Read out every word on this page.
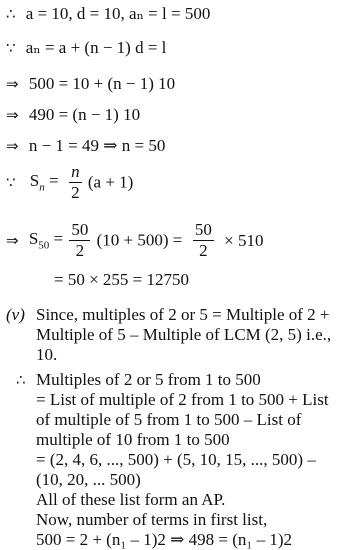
∴ a = 10, d = 10, aₙ = l = 500
∵ aₙ = a + (n − 1) d = l
⇒ 500 = 10 + (n − 1) 10
⇒ 490 = (n − 1) 10
⇒ n − 1 = 49 ⇒ n = 50
∵ $S_n = \frac{n}{2} (a + 1)$
⇒ $S_{50} = \frac{50}{2} (10 + 500) = \frac{50}{2} \times 510$
= 50 × 255 = 12750
(v) Since, multiples of 2 or 5 = Multiple of 2 +
Multiple of 5 – Multiple of LCM (2, 5) i.e.,
10.
∴ Multiples of 2 or 5 from 1 to 500
= List of multiple of 2 from 1 to 500 + List
of multiple of 5 from 1 to 500 – List of
multiple of 10 from 1 to 500
= (2, 4, 6, ..., 500) + (5, 10, 15, ..., 500) –
(10, 20, ... 500)
All of these list form an AP.
Now, number of terms in first list,
500 = 2 + (n₁ – 1)2 ⇒ 498 = (n₁ – 1)2
